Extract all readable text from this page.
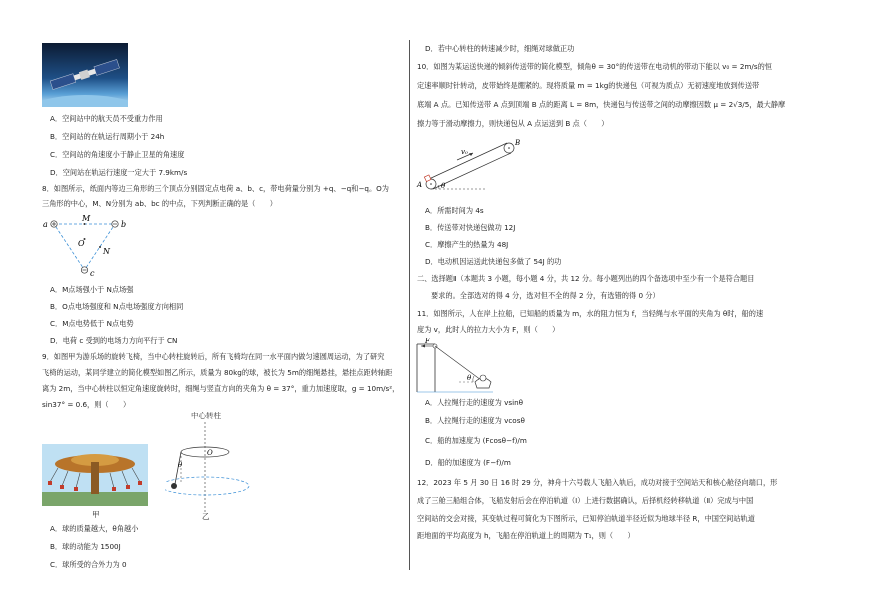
A．空间站中的航天员不受重力作用
B．空间站的在轨运行周期小于 24h
C．空间站的角速度小于静止卫星的角速度
D．空间站在轨运行速度一定大于 7.9km/s
8．如图所示，纸面内等边三角形的三个顶点分别固定点电荷 a、b、c，带电荷量分别为 +q、−q和−q。O为
三角形的中心，M、N分别为 ab、bc 的中点，下列判断正确的是（　　）
a	b
c
M
N
O
A．M点场强小于 N点场强
B．O点电场强度和 N点电场强度方向相同
C．M点电势低于 N点电势
D．电荷 c 受到的电场力方向平行于 CN
9．如图甲为游乐场的旋转飞椅，当中心转柱旋转后，所有飞椅均在同一水平面内做匀速圆周运动，为了研究
飞椅的运动，某同学建立的简化模型如图乙所示，质量为 80kg的球，被长为 5m的细绳悬挂，悬挂点距转轴距
离为 2m，当中心转柱以恒定角速度旋转时，细绳与竖直方向的夹角为 θ = 37°，重力加速度取，g = 10m/s²，
sin37° = 0.6，则（　　）
中心转柱
θ
O
甲	乙
A．球的质量越大，θ角越小
B．球的动能为 1500J
C．球所受的合外力为 0
D．若中心转柱的转速减少时，细绳对球做正功
10．如图为某运送快递的倾斜传送带的简化模型，倾角θ = 30°的传送带在电动机的带动下能以 v₀ = 2m/s的恒
定速率顺时针转动，皮带始终是绷紧的。现将质量 m = 1kg的快递包（可视为质点）无初速度地放到传送带
底端 A 点。已知传送带 A 点到顶端 B 点的距离 L = 8m，快递包与传送带之间的动摩擦因数 μ = 2√3/5，最大静摩
擦力等于滑动摩擦力，则快递包从 A 点运送到 B 点（　　）
v₀
A
B
θ
A．所需时间为 4s
B．传送带对快递包做功 12J
C．摩擦产生的热量为 48J
D．电动机因运送此快递包多做了 54J 的功
二、选择题Ⅱ（本题共 3 小题，每小题 4 分，共 12 分。每小题列出的四个备选项中至少有一个是符合题目
要求的。全部选对的得 4 分，选对但不全的得 2 分，有选错的得 0 分）
11．如图所示，人在岸上拉船，已知船的质量为 m，水的阻力恒为 f，当轻绳与水平面的夹角为 θ时，船的速
度为 v，此时人的拉力大小为 F，则（　　）
F
θ
A．人拉绳行走的速度为 vsinθ
B．人拉绳行走的速度为 vcosθ
C．船的加速度为 (Fcosθ−f)/m
D．船的加速度为 (F−f)/m
12．2023 年 5 月 30 日 16 时 29 分，神舟十六号载人飞船入轨后，成功对接于空间站天和核心舱径向端口，形
成了三舱三船组合体，飞船发射后会在停泊轨道（Ⅰ）上进行数据确认，后择机经转移轨道（Ⅱ）完成与中国
空间站的交会对接，其变轨过程可简化为下图所示，已知停泊轨道半径近似为地球半径 R，中国空间站轨道
距地面的平均高度为 h，飞船在停泊轨道上的周期为 T₁，则（　　）
